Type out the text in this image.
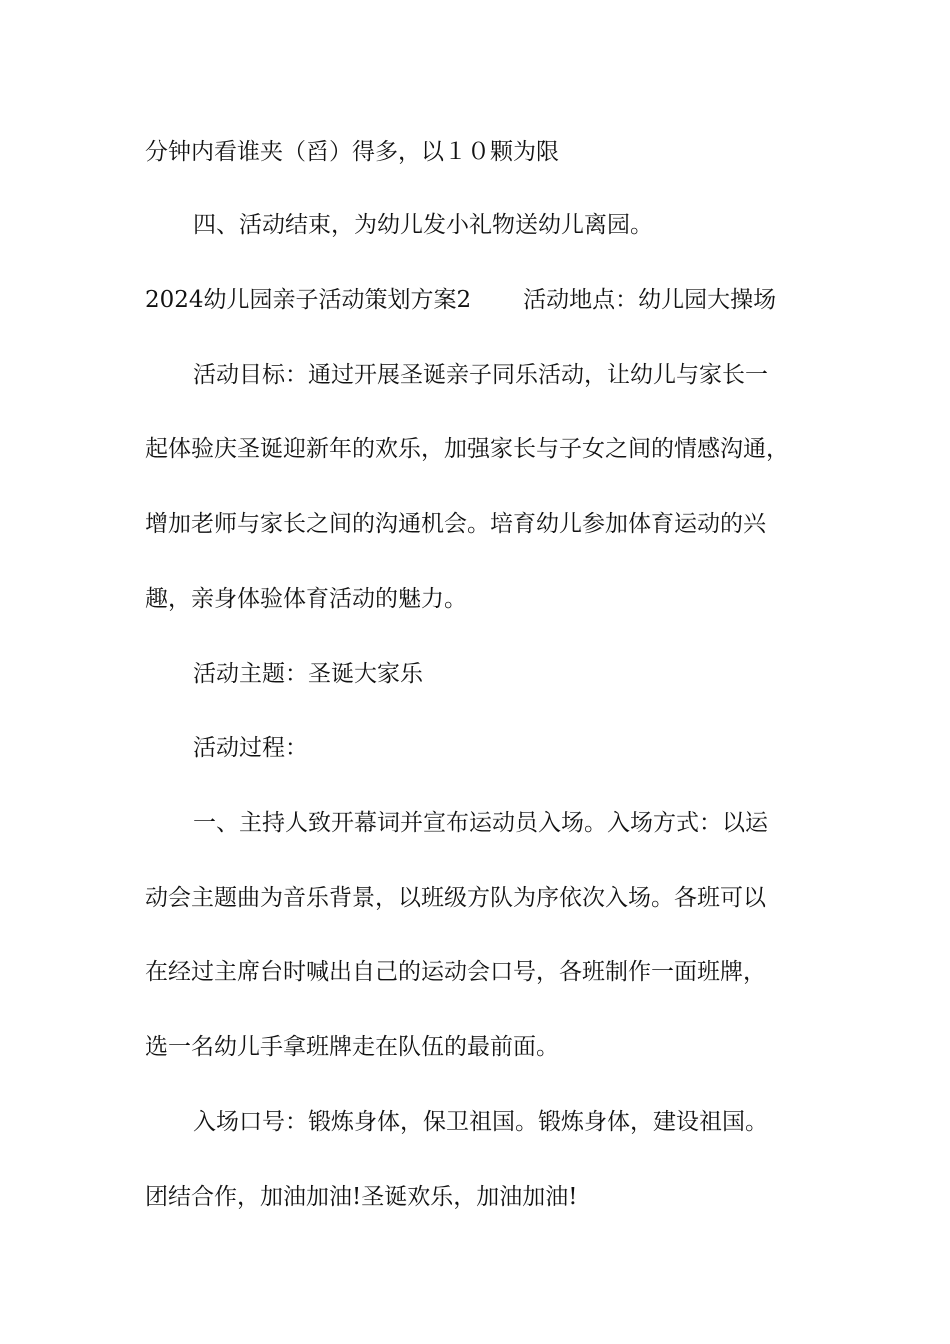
分钟内看谁夹（舀）得多，以１０颗为限
四、活动结束，为幼儿发小礼物送幼儿离园。
2024幼儿园亲子活动策划方案2 活动地点：幼儿园大操场
活动目标：通过开展圣诞亲子同乐活动，让幼儿与家长一
起体验庆圣诞迎新年的欢乐，加强家长与子女之间的情感沟通，
增加老师与家长之间的沟通机会。培育幼儿参加体育运动的兴
趣，亲身体验体育活动的魅力。
活动主题：圣诞大家乐
活动过程：
一、主持人致开幕词并宣布运动员入场。入场方式：以运
动会主题曲为音乐背景，以班级方队为序依次入场。各班可以
在经过主席台时喊出自己的运动会口号，各班制作一面班牌，
选一名幼儿手拿班牌走在队伍的最前面。
入场口号：锻炼身体，保卫祖国。锻炼身体，建设祖国。
团结合作，加油加油!圣诞欢乐，加油加油!
